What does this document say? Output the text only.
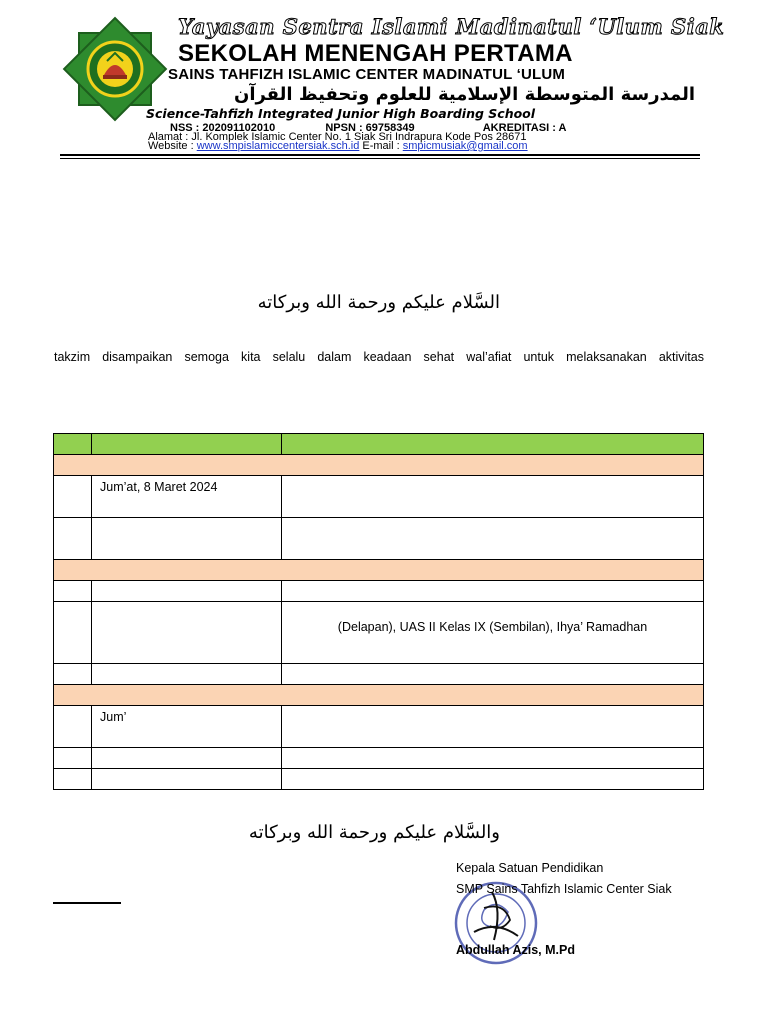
Yayasan Sentra Islami Madinatul ‘Ulum Siak
SEKOLAH MENENGAH PERTAMA
SAINS TAHFIZH ISLAMIC CENTER MADINATUL ‘ULUM
المدرسة المتوسطة الإسلامية للعلوم وتحفيظ القرآن
Science-Tahfizh Integrated Junior High Boarding School
NSS : 202091102010	NPSN : 69758349	AKREDITASI : A
Alamat : Jl. Komplek Islamic Center No. 1 Siak Sri Indrapura Kode Pos 28671
Website : www.smpislamiccentersiak.sch.id E-mail : smpicmusiak@gmail.com
السَّلام عليكم ورحمة الله وبركاته
takzim disampaikan semoga kita selalu dalam keadaan sehat wal’afiat untuk melaksanakan aktivitas

	Jum’at, 8 Maret 2024	

		(Delapan), UAS II Kelas IX (Sembilan), Ihya’ Ramadhan

	Jum’	

والسَّلام عليكم ورحمة الله وبركاته
Kepala Satuan Pendidikan
SMP Sains Tahfizh Islamic Center Siak
Abdullah Azis, M.Pd
